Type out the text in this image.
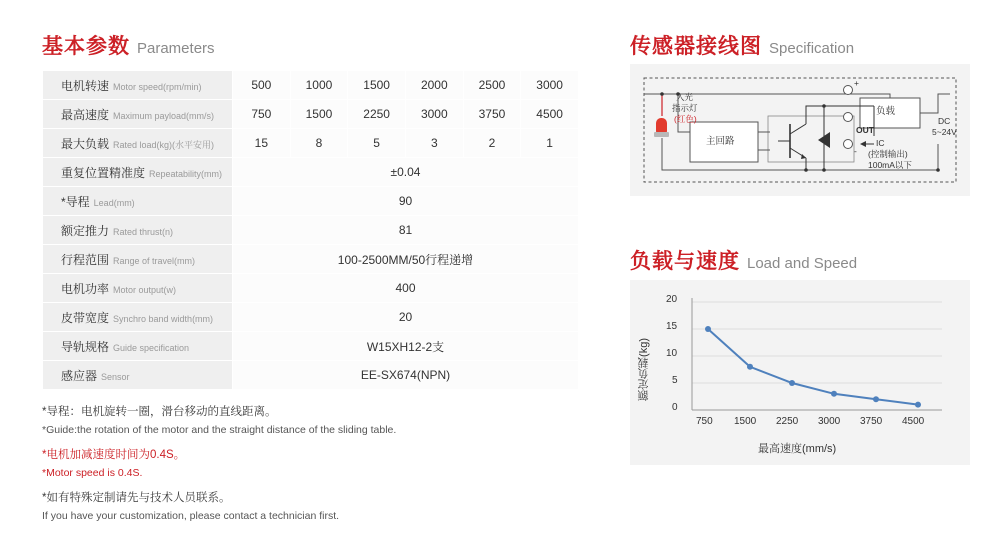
基本参数 Parameters
电机转速 Motor speed(rpm/min)	500	1000	1500	2000	2500	3000
最高速度 Maximum payload(mm/s)	750	1500	2250	3000	3750	4500
最大负载 Rated load(kg)(水平安用)	15	8	5	3	2	1
重复位置精准度 Repeatability(mm)	±0.04					
*导程 Lead(mm)	90					
额定推力 Rated thrust(n)	81					
行程范围 Range of travel(mm)	100-2500MM/50行程递增					
电机功率 Motor output(w)	400					
皮带宽度 Synchro band width(mm)	20					
导轨规格 Guide specification	W15XH12-2支					
感应器 Sensor	EE-SX674(NPN)					
*导程：电机旋转一圈，滑台移动的直线距离。
*Guide:the rotation of the motor and the straight distance of the sliding table.
*电机加减速度时间为0.4S。
*Motor speed is 0.4S.
*如有特殊定制请先与技术人员联系。
If you have your customization, please contact a technician first.
传感器接线图 Specification
入光
指示灯
(红色)
主回路
负载
OUT
IC
(控制输出)
100mA以下
DC
5~24V
+
-
负载与速度 Load and Speed
20
15
10
5
0
750 1500 2250 3000 3750 4500
最高速度(mm/s)
额定负载(kg)
